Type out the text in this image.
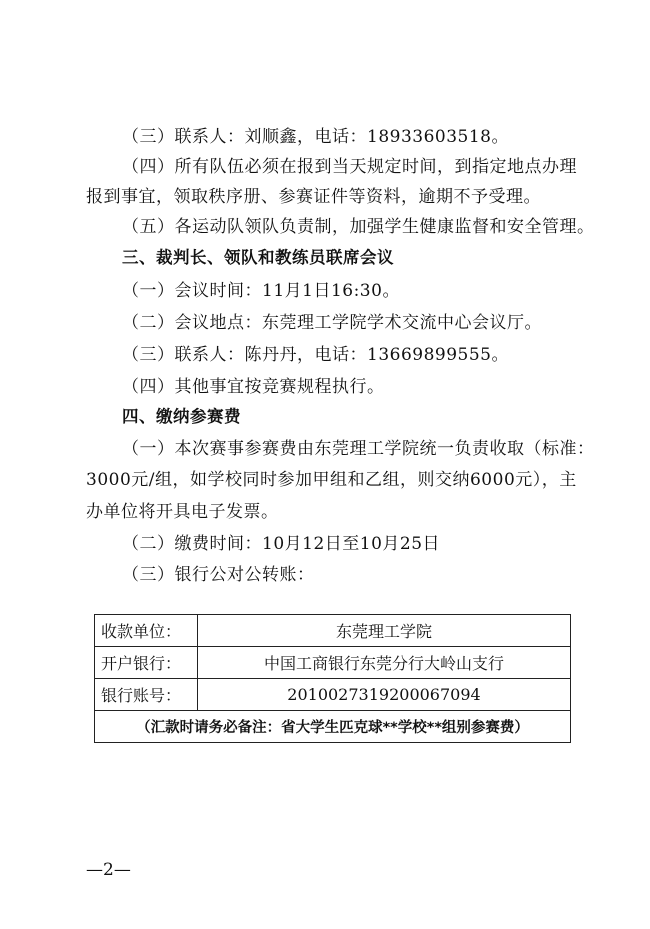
（三）联系人：刘顺鑫，电话：18933603518。
（四）所有队伍必须在报到当天规定时间，到指定地点办理
报到事宜，领取秩序册、参赛证件等资料，逾期不予受理。
（五）各运动队领队负责制，加强学生健康监督和安全管理。
三、裁判长、领队和教练员联席会议
（一）会议时间：11月1日16:30。
（二）会议地点：东莞理工学院学术交流中心会议厅。
（三）联系人：陈丹丹，电话：13669899555。
（四）其他事宜按竞赛规程执行。
四、缴纳参赛费
（一）本次赛事参赛费由东莞理工学院统一负责收取（标准：
3000元/组，如学校同时参加甲组和乙组，则交纳6000元），主
办单位将开具电子发票。
（二）缴费时间：10月12日至10月25日
（三）银行公对公转账：
收款单位：	东莞理工学院
开户银行：	中国工商银行东莞分行大岭山支行
银行账号：	2010027319200067094
（汇款时请务必备注：省大学生匹克球**学校**组别参赛费）	
—2—
